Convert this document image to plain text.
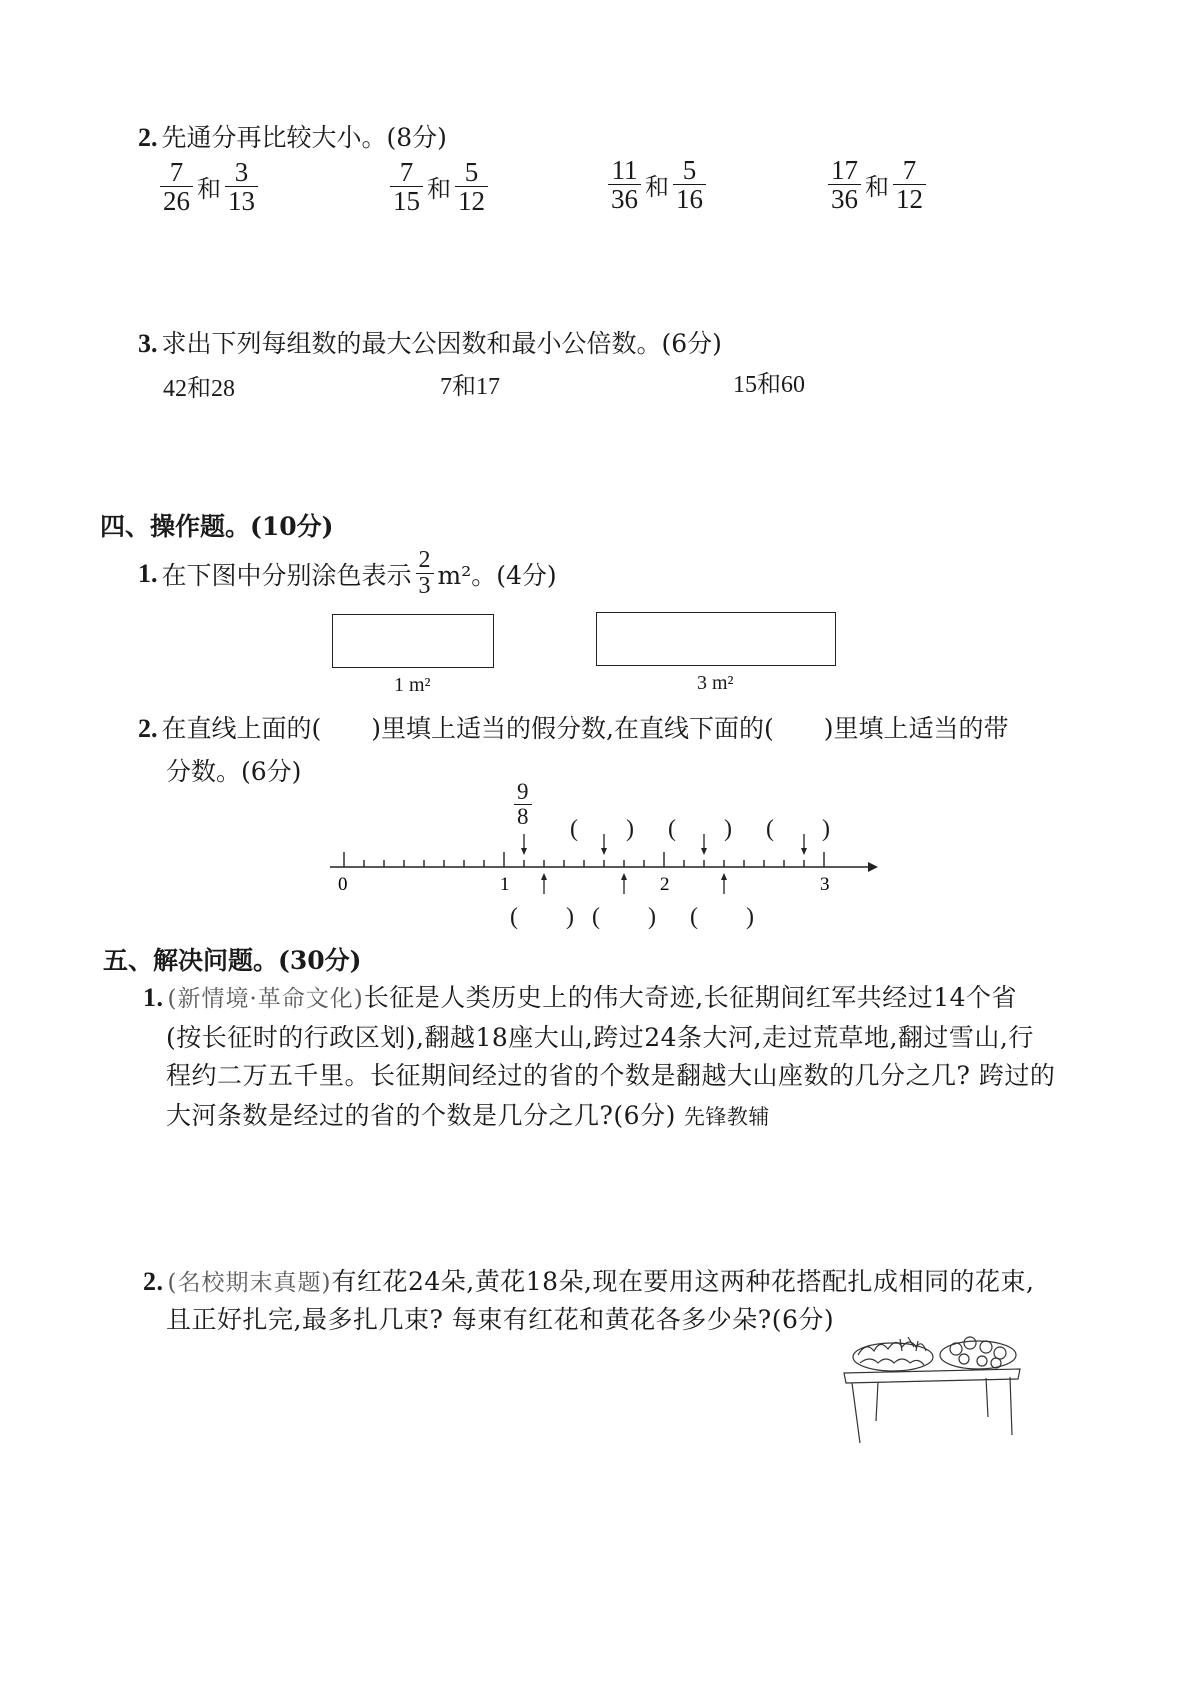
2. 先通分再比较大小。(8分)
$\frac{7}{26}$ 和 $\frac{3}{13}$	$\frac{7}{15}$ 和 $\frac{5}{12}$	$\frac{11}{36}$ 和 $\frac{5}{16}$	$\frac{17}{36}$ 和 $\frac{7}{12}$
3. 求出下列每组数的最大公因数和最小公倍数。(6分)
42和28	7和17	15和60
四、操作题。(10分)
1. 在下图中分别涂色表示 $\frac{2}{3} m^2$。(4分)
1 m²	3 m²
2. 在直线上面的(　　)里填上适当的假分数,在直线下面的(　　)里填上适当的带
分数。(6分)
$\frac{9}{8}$ (　　) (　　) (　　)
(　　) (　　) (　　)
0	1	2	3
五、解决问题。(30分)
1. (新情境·革命文化)长征是人类历史上的伟大奇迹,长征期间红军共经过14个省
(按长征时的行政区划),翻越18座大山,跨过24条大河,走过荒草地,翻过雪山,行
程约二万五千里。长征期间经过的省的个数是翻越大山座数的几分之几? 跨过的
大河条数是经过的省的个数是几分之几?(6分) 先锋教辅
2. (名校期末真题)有红花24朵,黄花18朵,现在要用这两种花搭配扎成相同的花束,
且正好扎完,最多扎几束? 每束有红花和黄花各多少朵?(6分)
